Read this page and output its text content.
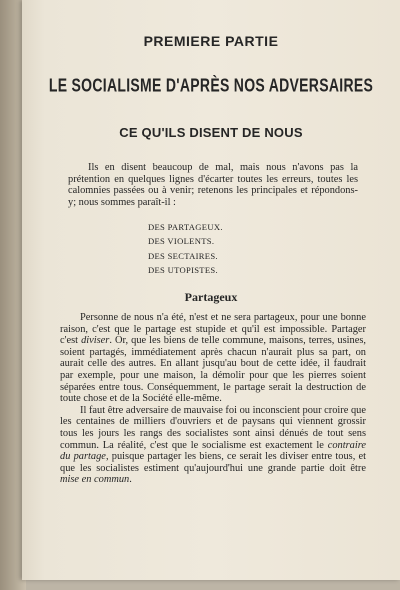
PREMIERE PARTIE
LE SOCIALISME D'APRÈS NOS ADVERSAIRES
CE QU'ILS DISENT DE NOUS

Ils en disent beaucoup de mal, mais nous n'avons pas la prétention en quelques lignes d'écarter toutes les erreurs, toutes les calomnies passées ou à venir; retenons les principales et répondons-y; nous sommes paraît-il :

DES PARTAGEUX.
DES VIOLENTS.
DES SECTAIRES.
DES UTOPISTES.
Partageux

Personne de nous n'a été, n'est et ne sera partageux, pour une bonne raison, c'est que le partage est stupide et qu'il est impossible. Partager c'est diviser. Or, que les biens de telle commune, maisons, terres, usines, soient partagés, immédiatement après chacun n'aurait plus sa part, on aurait celle des autres. En allant jusqu'au bout de cette idée, il faudrait par exemple, pour une maison, la démolir pour que les pierres soient séparées entre tous. Conséquemment, le partage serait la destruction de toute chose et de la Société elle-même.

Il faut être adversaire de mauvaise foi ou inconscient pour croire que les centaines de milliers d'ouvriers et de paysans qui viennent grossir tous les jours les rangs des socialistes sont ainsi dénués de tout sens commun. La réalité, c'est que le socialisme est exactement le contraire du partage, puisque partager les biens, ce serait les diviser entre tous, et que les socialistes estiment qu'aujourd'hui une grande partie doit être mise en commun.
